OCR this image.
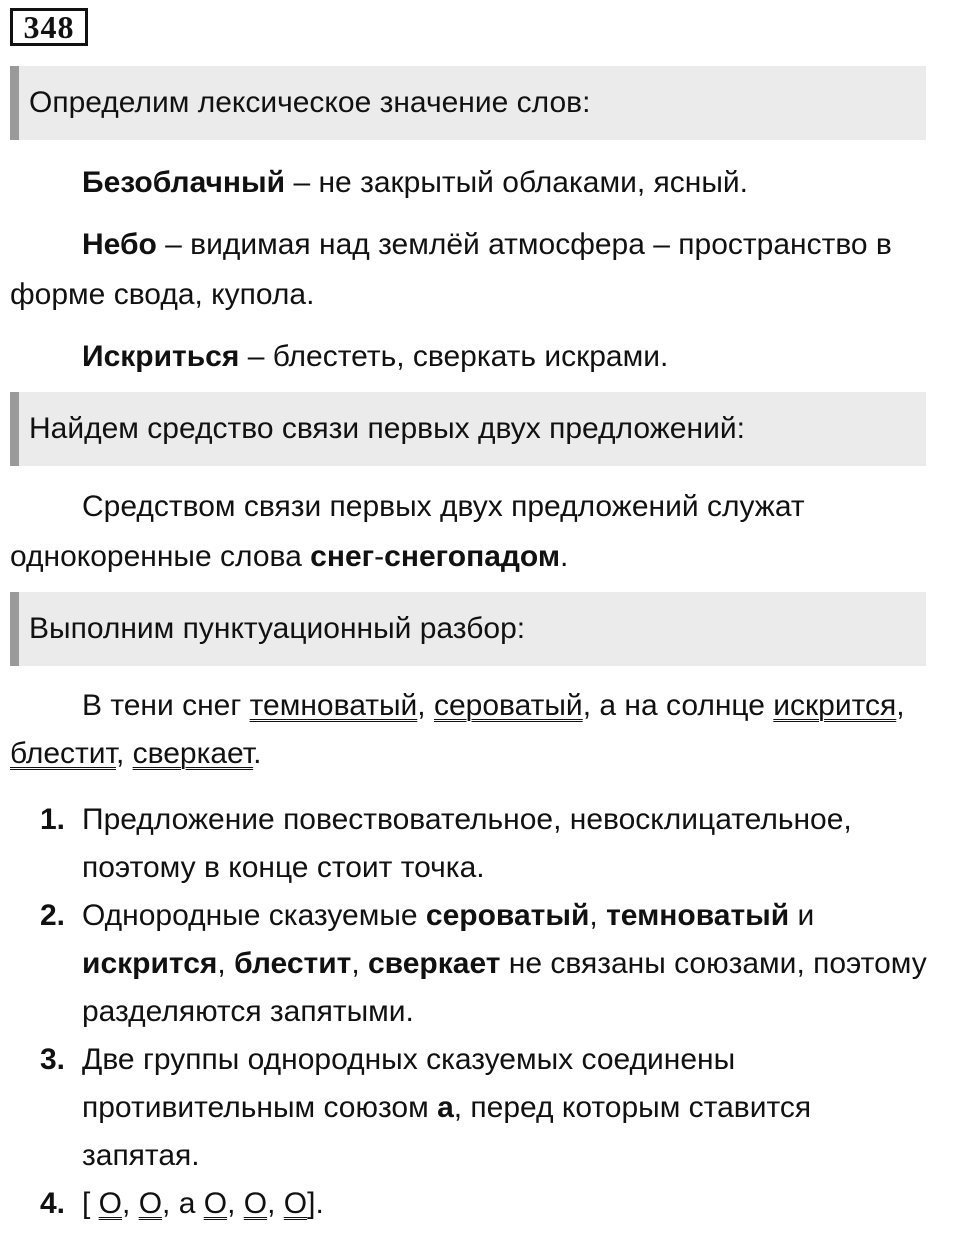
348
Определим лексическое значение слов:
Безоблачный – не закрытый облаками, ясный.
Небо – видимая над землёй атмосфера – пространство в форме свода, купола.
Искриться – блестеть, сверкать искрами.
Найдем средство связи первых двух предложений:
Средством связи первых двух предложений служат однокоренные слова снег-снегопадом.
Выполним пунктуационный разбор:
В тени снег темноватый, сероватый, а на солнце искрится, блестит, сверкает.
1. Предложение повествовательное, невосклицательное, поэтому в конце стоит точка.
2. Однородные сказуемые сероватый, темноватый и искрится, блестит, сверкает не связаны союзами, поэтому разделяются запятыми.
3. Две группы однородных сказуемых соединены противительным союзом а, перед которым ставится запятая.
4. [ О, О, а О, О, О].
